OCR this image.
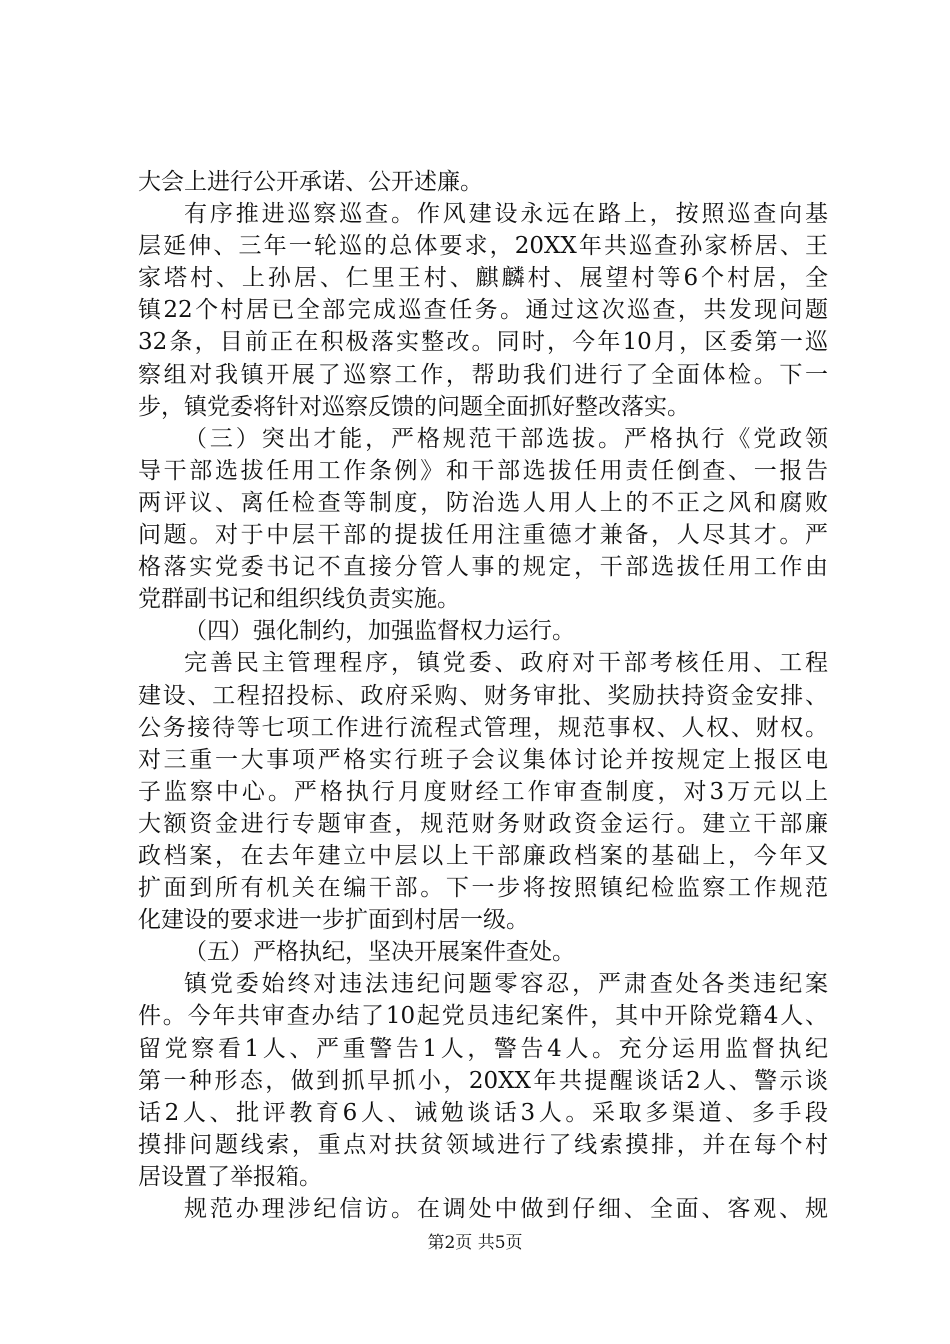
大会上进行公开承诺、公开述廉。
有序推进巡察巡查。作风建设永远在路上，按照巡查向基
层延伸、三年一轮巡的总体要求，20XX年共巡查孙家桥居、王
家塔村、上孙居、仁里王村、麒麟村、展望村等6个村居，全
镇22个村居已全部完成巡查任务。通过这次巡查，共发现问题
32条，目前正在积极落实整改。同时，今年10月，区委第一巡
察组对我镇开展了巡察工作，帮助我们进行了全面体检。下一
步，镇党委将针对巡察反馈的问题全面抓好整改落实。
（三）突出才能，严格规范干部选拔。严格执行《党政领
导干部选拔任用工作条例》和干部选拔任用责任倒查、一报告
两评议、离任检查等制度，防治选人用人上的不正之风和腐败
问题。对于中层干部的提拔任用注重德才兼备，人尽其才。严
格落实党委书记不直接分管人事的规定，干部选拔任用工作由
党群副书记和组织线负责实施。
（四）强化制约，加强监督权力运行。
完善民主管理程序，镇党委、政府对干部考核任用、工程
建设、工程招投标、政府采购、财务审批、奖励扶持资金安排、
公务接待等七项工作进行流程式管理，规范事权、人权、财权。
对三重一大事项严格实行班子会议集体讨论并按规定上报区电
子监察中心。严格执行月度财经工作审查制度，对3万元以上
大额资金进行专题审查，规范财务财政资金运行。建立干部廉
政档案，在去年建立中层以上干部廉政档案的基础上，今年又
扩面到所有机关在编干部。下一步将按照镇纪检监察工作规范
化建设的要求进一步扩面到村居一级。
（五）严格执纪，坚决开展案件查处。
镇党委始终对违法违纪问题零容忍，严肃查处各类违纪案
件。今年共审查办结了10起党员违纪案件，其中开除党籍4人、
留党察看1人、严重警告1人，警告4人。充分运用监督执纪
第一种形态，做到抓早抓小，20XX年共提醒谈话2人、警示谈
话2人、批评教育6人、诫勉谈话3人。采取多渠道、多手段
摸排问题线索，重点对扶贫领域进行了线索摸排，并在每个村
居设置了举报箱。
规范办理涉纪信访。在调处中做到仔细、全面、客观、规
第2页 共5页
